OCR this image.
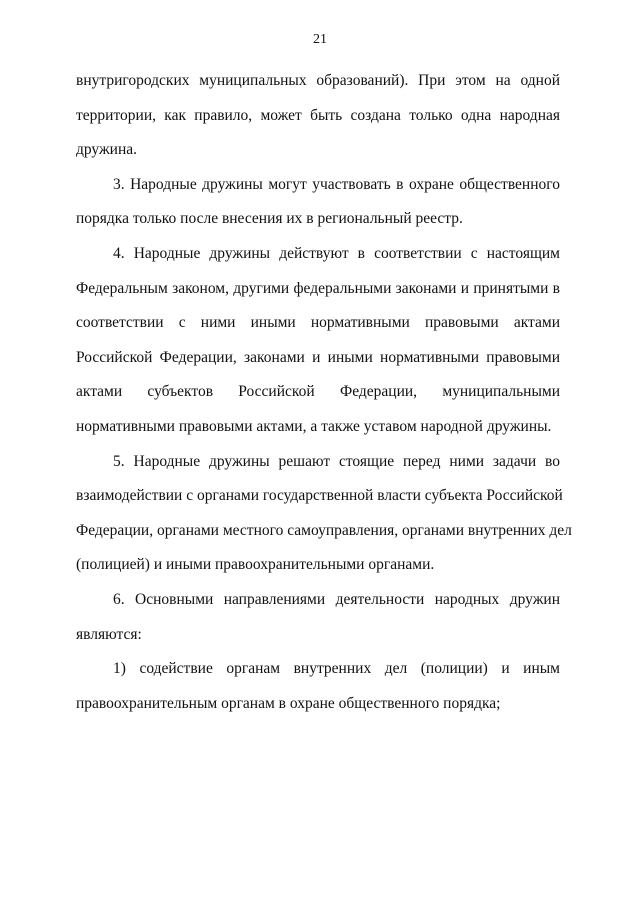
21
внутригородских муниципальных образований). При этом на одной
территории, как правило, может быть создана только одна народная
дружина.
3. Народные дружины могут участвовать в охране общественного
порядка только после внесения их в региональный реестр.
4. Народные дружины действуют в соответствии с настоящим
Федеральным законом, другими федеральными законами и принятыми в
соответствии с ними иными нормативными правовыми актами
Российской Федерации, законами и иными нормативными правовыми
актами субъектов Российской Федерации, муниципальными
нормативными правовыми актами, а также уставом народной дружины.
5. Народные дружины решают стоящие перед ними задачи во
взаимодействии с органами государственной власти субъекта Российской
Федерации, органами местного самоуправления, органами внутренних дел
(полицией) и иными правоохранительными органами.
6. Основными направлениями деятельности народных дружин
являются:
1) содействие органам внутренних дел (полиции) и иным
правоохранительным органам в охране общественного порядка;
